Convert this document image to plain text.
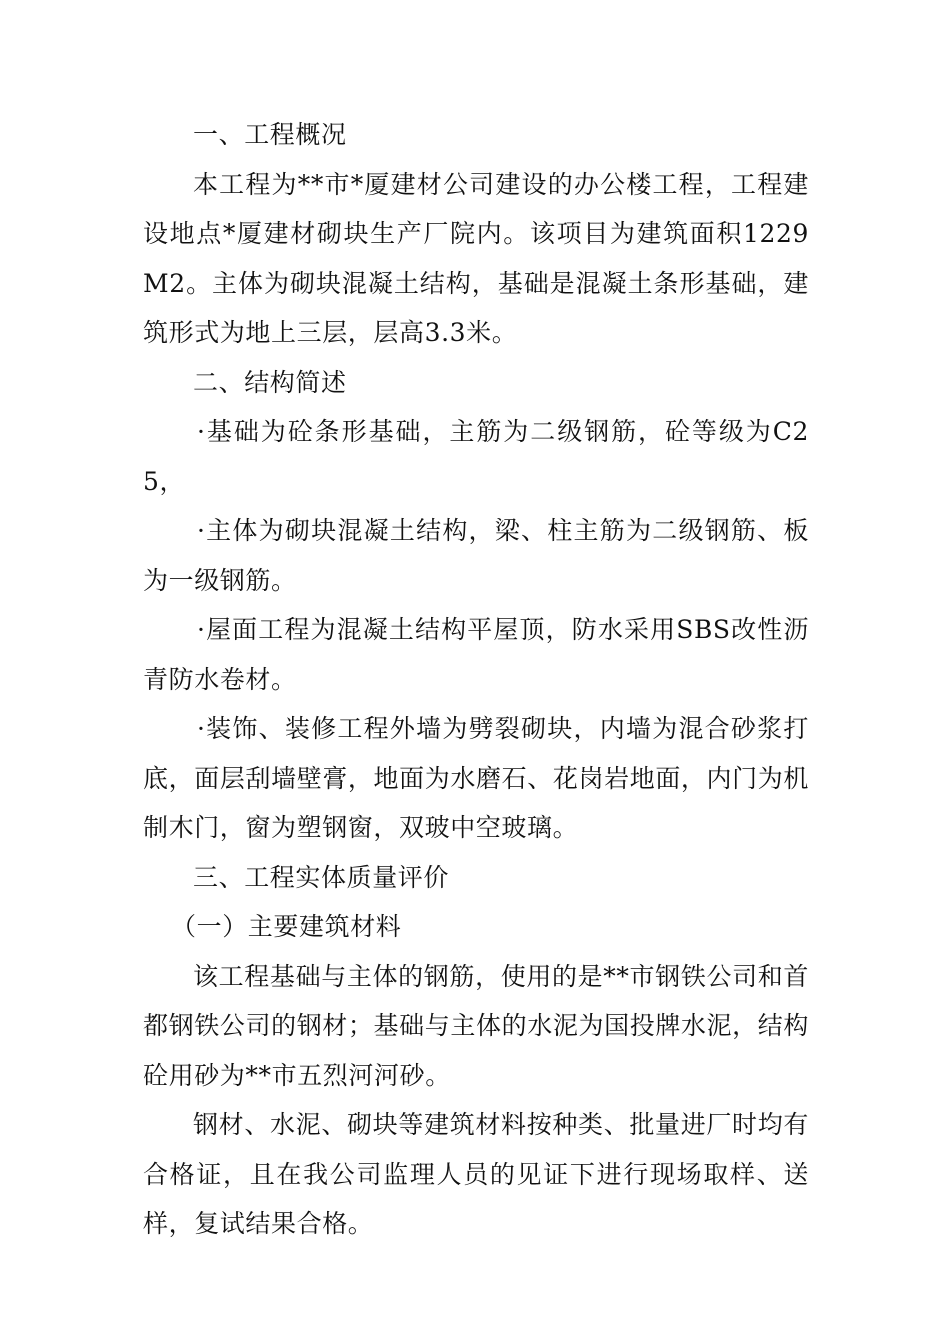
一、工程概况

本工程为**市*厦建材公司建设的办公楼工程，工程建设地点*厦建材砌块生产厂院内。该项目为建筑面积1229M2。主体为砌块混凝土结构，基础是混凝土条形基础，建筑形式为地上三层，层高3.3米。

二、结构简述

·基础为砼条形基础，主筋为二级钢筋，砼等级为C25，

·主体为砌块混凝土结构，梁、柱主筋为二级钢筋、板为一级钢筋。

·屋面工程为混凝土结构平屋顶，防水采用SBS改性沥青防水卷材。

·装饰、装修工程外墙为劈裂砌块，内墙为混合砂浆打底，面层刮墙壁膏，地面为水磨石、花岗岩地面，内门为机制木门，窗为塑钢窗，双玻中空玻璃。

三、工程实体质量评价

（一）主要建筑材料

该工程基础与主体的钢筋，使用的是**市钢铁公司和首都钢铁公司的钢材；基础与主体的水泥为国投牌水泥，结构砼用砂为**市五烈河河砂。

钢材、水泥、砌块等建筑材料按种类、批量进厂时均有合格证，且在我公司监理人员的见证下进行现场取样、送样，复试结果合格。
